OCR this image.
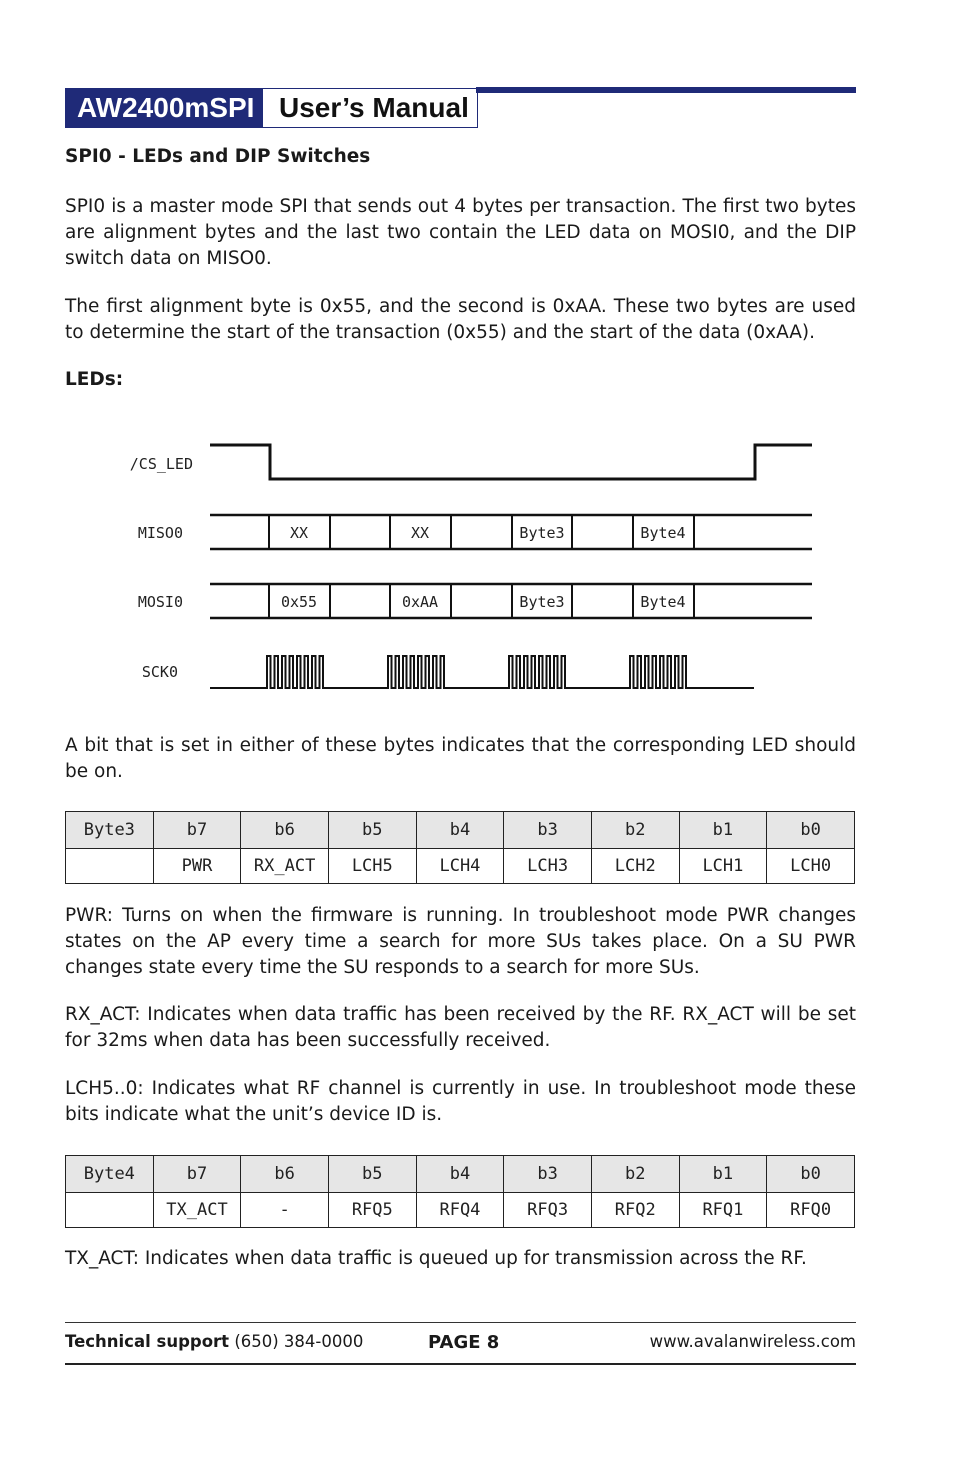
AW2400mSPI User’s Manual
SPI0 - LEDs and DIP Switches
SPI0 is a master mode SPI that sends out 4 bytes per transaction. The first two bytes are alignment bytes and the last two contain the LED data on MOSI0, and the DIP switch data on MISO0.
The first alignment byte is 0x55, and the second is 0xAA. These two bytes are used to determine the start of the transaction (0x55) and the start of the data (0xAA).
LEDs:
/CS_LED
MISO0
MOSI0
SCK0
XX	XX	Byte3	Byte4
0x55	0xAA	Byte3	Byte4
A bit that is set in either of these bytes indicates that the corresponding LED should be on.
Byte3	b7	b6	b5	b4	b3	b2	b1	b0
	PWR	RX_ACT	LCH5	LCH4	LCH3	LCH2	LCH1	LCH0
PWR: Turns on when the firmware is running. In troubleshoot mode PWR changes states on the AP every time a search for more SUs takes place. On a SU PWR changes state every time the SU responds to a search for more SUs.
RX_ACT: Indicates when data traffic has been received by the RF. RX_ACT will be set for 32ms when data has been successfully received.
LCH5..0: Indicates what RF channel is currently in use. In troubleshoot mode these bits indicate what the unit’s device ID is.
Byte4	b7	b6	b5	b4	b3	b2	b1	b0
	TX_ACT	-	RFQ5	RFQ4	RFQ3	RFQ2	RFQ1	RFQ0
TX_ACT: Indicates when data traffic is queued up for transmission across the RF.
Technical support (650) 384-0000	PAGE 8	www.avalanwireless.com
